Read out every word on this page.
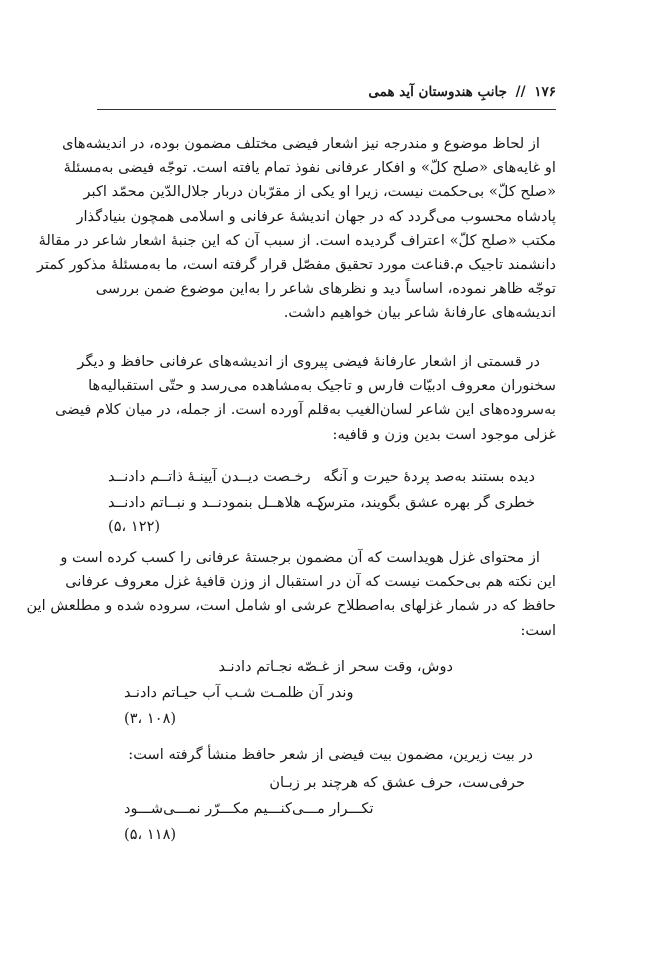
۱۷۶ // جانبِ هندوستان آید همی
از لحاظ موضوع و مندرجه نیز اشعار فیضی مختلف مضمون بوده، در اندیشه‌های
او غایه‌های «صلح کلّ» و افکار عرفانی نفوذ تمام یافته است. توجّه فیضی به‌مسئلهٔ
«صلح کلّ» بی‌حکمت نیست، زیرا او یکی از مقرّبان دربار جلال‌الدّین محمّد اکبر
پادشاه محسوب می‌گردد که در جهان اندیشهٔ عرفانی و اسلامی همچون بنیادگذار
مکتب «صلح کلّ» اعتراف گردیده است. از سبب آن که این جنبهٔ اشعار شاعر در مقالهٔ
دانشمند تاجیک م.قناعت مورد تحقیق مفصّل قرار گرفته است، ما به‌مسئلهٔ مذکور کمتر
توجّه ظاهر نموده، اساساً دید و نظرهای شاعر را به‌این موضوع ضمن بررسی
اندیشه‌های عارفانهٔ شاعر بیان خواهیم داشت.
در قسمتی از اشعار عارفانهٔ فیضی پیروی از اندیشه‌های عرفانی حافظ و دیگر
سخنوران معروف ادبیّات فارس و تاجیک به‌مشاهده می‌رسد و حتّی استقبالیه‌ها
به‌سروده‌های این شاعر لسان‌الغیب به‌قلم آورده است. از جمله، در میان کلام فیضی
غزلی موجود است بدین وزن و قافیه:
دیده بستند به‌صد پردهٔ حیرت و آنگه
رخـصت دیــدن آیینـهٔ ذاتــم دادنــد
خطری گر بهره عشق بگویند، مترس
کـه هلاهــل بنمودنــد و نبــاتم دادنــد
(۱۲۲ ،۵)
از محتوای غزل هویداست که آن مضمون برجستهٔ عرفانی را کسب کرده است و
این نکته هم بی‌حکمت نیست که آن در استقبال از وزن قافیهٔ غزل معروف عرفانی
حافظ که در شمار غزلهای به‌اصطلاح عرشی او شامل است، سروده شده و مطلعش این
است:
دوش، وقت سحر از غـصّه نجـاتم دادنـد
وندر آن ظلمـت شـب آب حیـاتم دادنـد
(۱۰۸ ،۳)
در بیت زیرین، مضمون بیت فیضی از شعر حافظ منشأ گرفته است:
حرفی‌ست، حرف عشق که هرچند بر زبـان
تکـــرار مـــی‌کنـــیم مکـــرّر نمـــی‌شـــود
(۱۱۸ ،۵)
